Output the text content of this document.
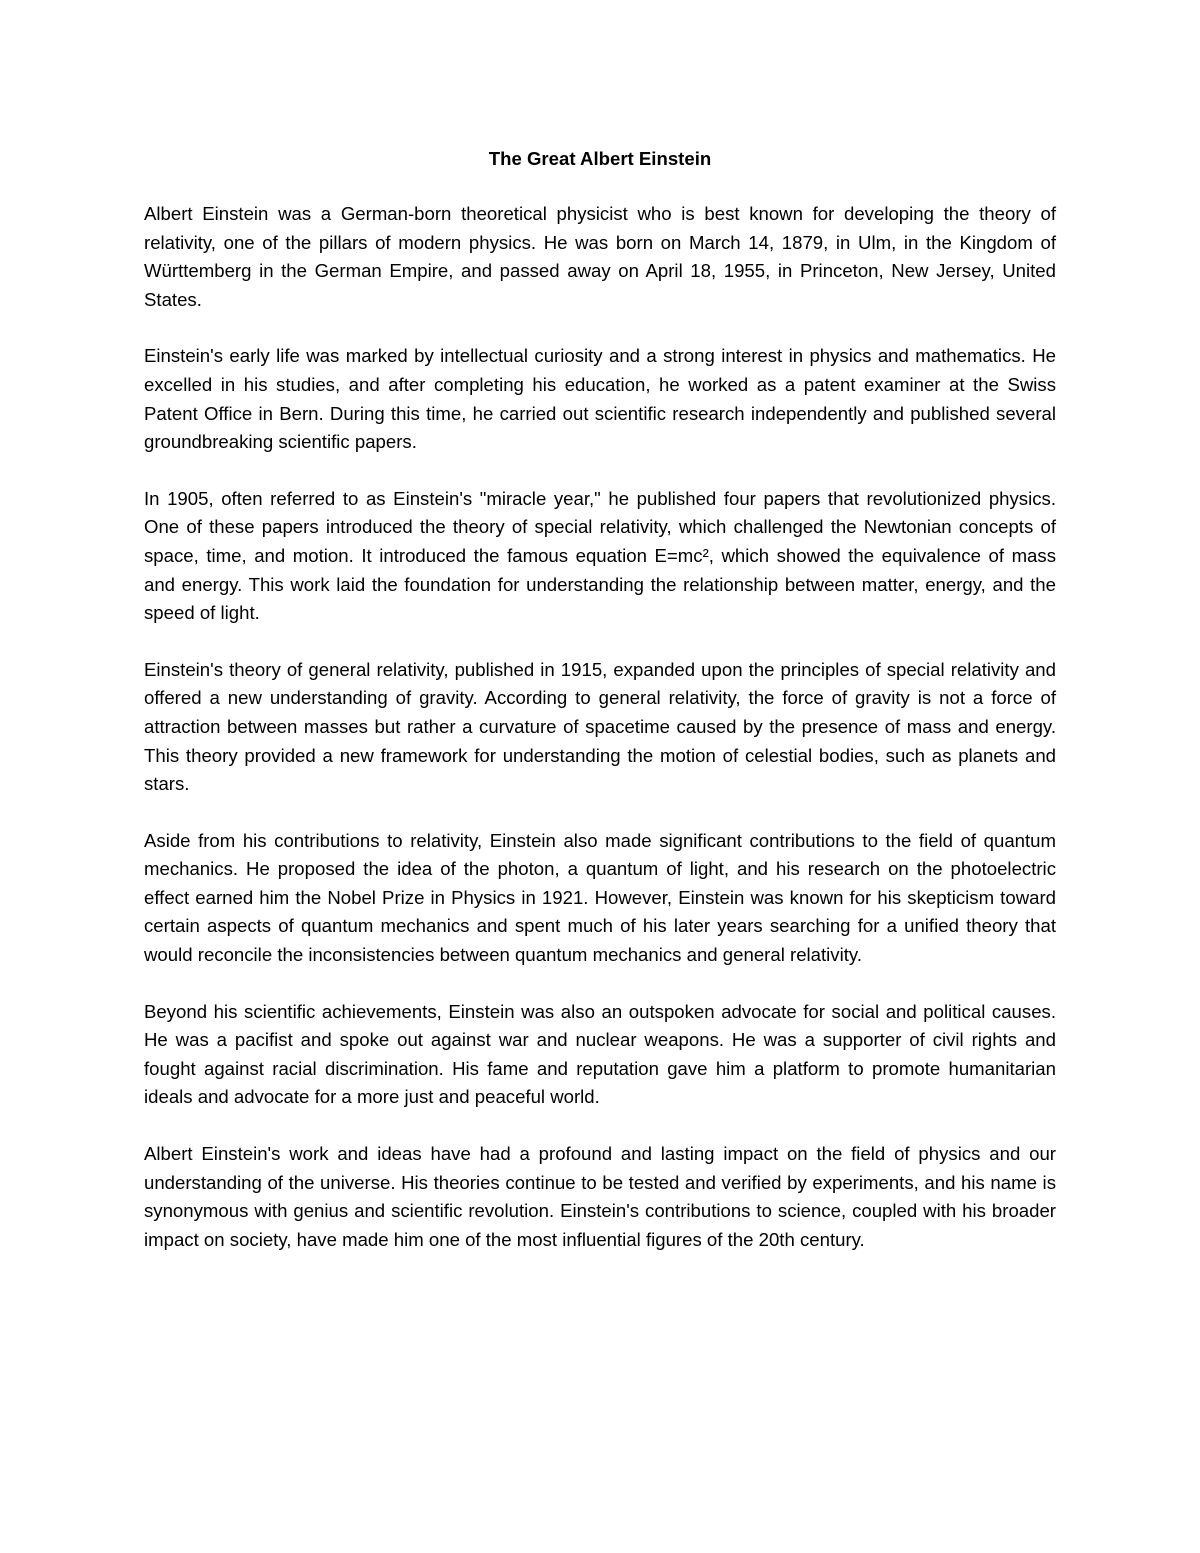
The Great Albert Einstein

Albert Einstein was a German-born theoretical physicist who is best known for developing the theory of relativity, one of the pillars of modern physics. He was born on March 14, 1879, in Ulm, in the Kingdom of Württemberg in the German Empire, and passed away on April 18, 1955, in Princeton, New Jersey, United States.

Einstein's early life was marked by intellectual curiosity and a strong interest in physics and mathematics. He excelled in his studies, and after completing his education, he worked as a patent examiner at the Swiss Patent Office in Bern. During this time, he carried out scientific research independently and published several groundbreaking scientific papers.

In 1905, often referred to as Einstein's "miracle year," he published four papers that revolutionized physics. One of these papers introduced the theory of special relativity, which challenged the Newtonian concepts of space, time, and motion. It introduced the famous equation E=mc², which showed the equivalence of mass and energy. This work laid the foundation for understanding the relationship between matter, energy, and the speed of light.

Einstein's theory of general relativity, published in 1915, expanded upon the principles of special relativity and offered a new understanding of gravity. According to general relativity, the force of gravity is not a force of attraction between masses but rather a curvature of spacetime caused by the presence of mass and energy. This theory provided a new framework for understanding the motion of celestial bodies, such as planets and stars.

Aside from his contributions to relativity, Einstein also made significant contributions to the field of quantum mechanics. He proposed the idea of the photon, a quantum of light, and his research on the photoelectric effect earned him the Nobel Prize in Physics in 1921. However, Einstein was known for his skepticism toward certain aspects of quantum mechanics and spent much of his later years searching for a unified theory that would reconcile the inconsistencies between quantum mechanics and general relativity.

Beyond his scientific achievements, Einstein was also an outspoken advocate for social and political causes. He was a pacifist and spoke out against war and nuclear weapons. He was a supporter of civil rights and fought against racial discrimination. His fame and reputation gave him a platform to promote humanitarian ideals and advocate for a more just and peaceful world.

Albert Einstein's work and ideas have had a profound and lasting impact on the field of physics and our understanding of the universe. His theories continue to be tested and verified by experiments, and his name is synonymous with genius and scientific revolution. Einstein's contributions to science, coupled with his broader impact on society, have made him one of the most influential figures of the 20th century.
